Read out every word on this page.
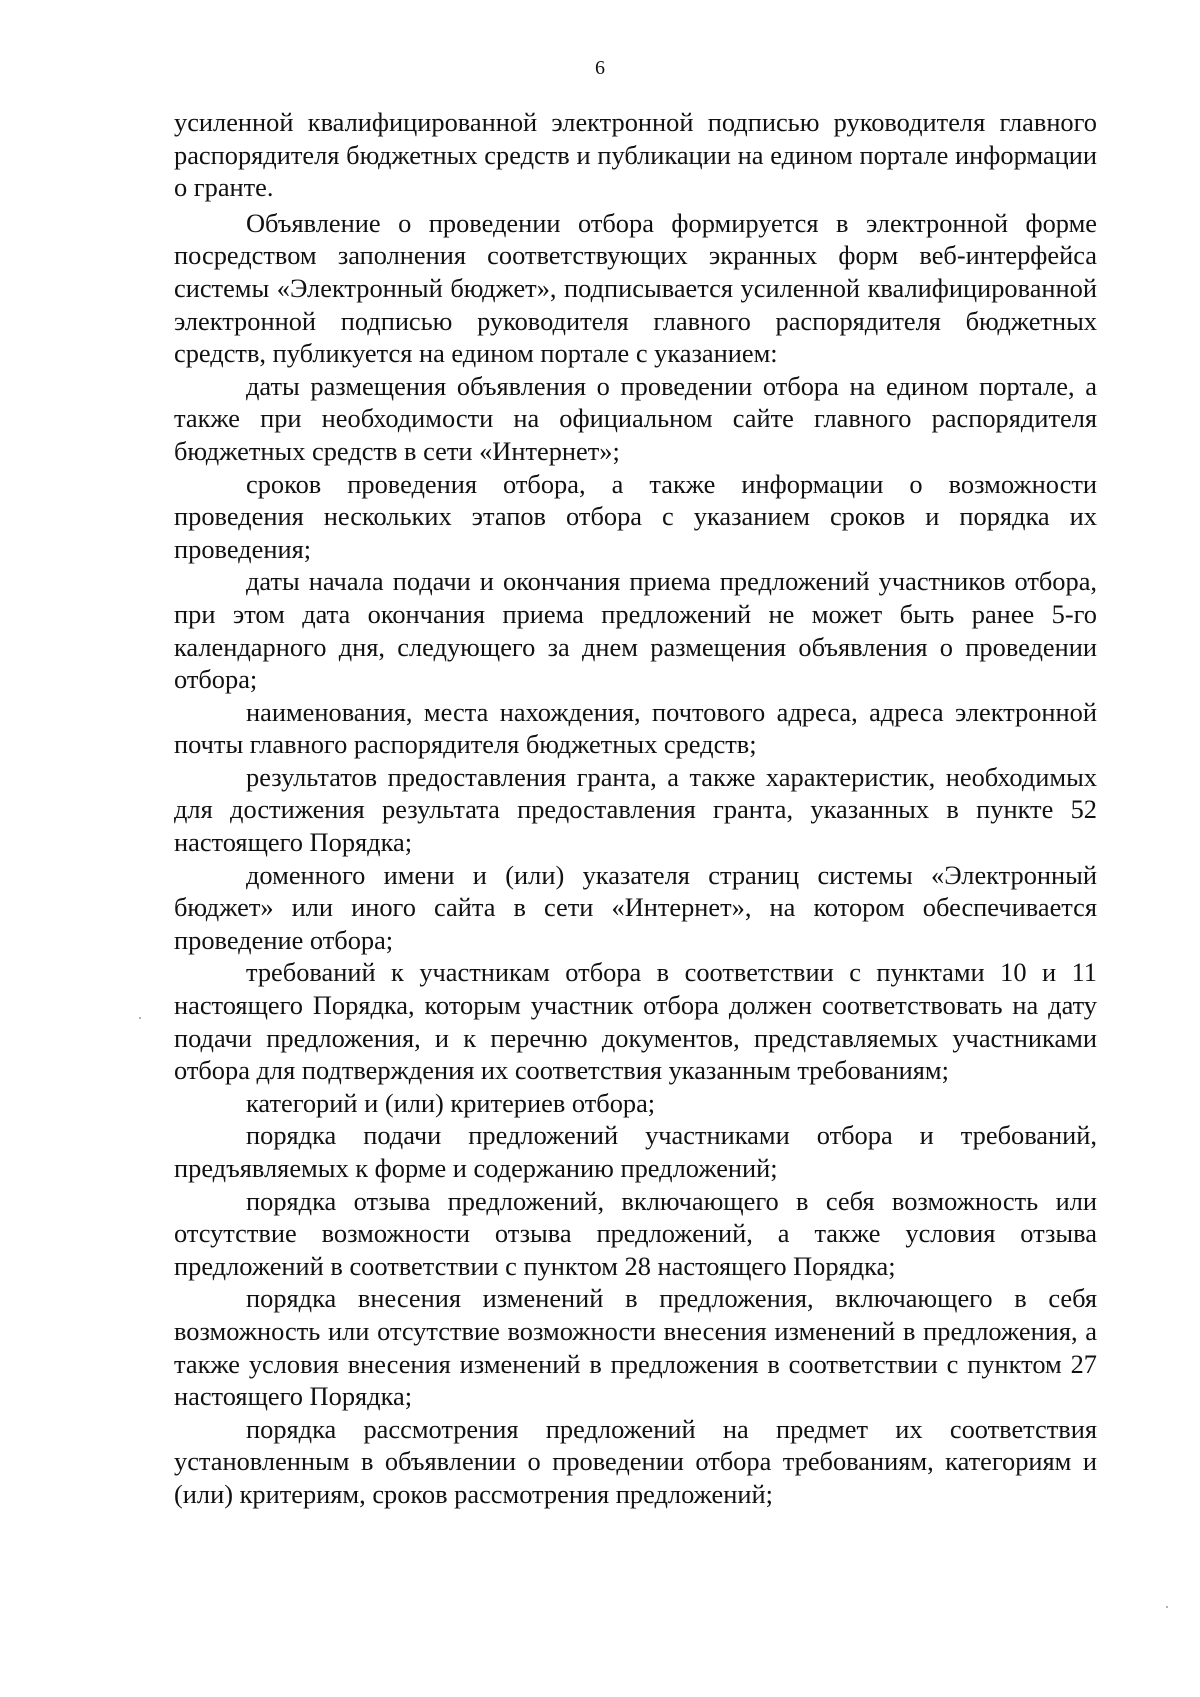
6

усиленной квалифицированной электронной подписью руководителя главного распорядителя бюджетных средств и публикации на едином портале информации о гранте.

Объявление о проведении отбора формируется в электронной форме посредством заполнения соответствующих экранных форм веб-интерфейса системы «Электронный бюджет», подписывается усиленной квалифицированной электронной подписью руководителя главного распорядителя бюджетных средств, публикуется на едином портале с указанием:

даты размещения объявления о проведении отбора на едином портале, а также при необходимости на официальном сайте главного распорядителя бюджетных средств в сети «Интернет»;

сроков проведения отбора, а также информации о возможности проведения нескольких этапов отбора с указанием сроков и порядка их проведения;

даты начала подачи и окончания приема предложений участников отбора, при этом дата окончания приема предложений не может быть ранее 5-го календарного дня, следующего за днем размещения объявления о проведении отбора;

наименования, места нахождения, почтового адреса, адреса электронной почты главного распорядителя бюджетных средств;

результатов предоставления гранта, а также характеристик, необходимых для достижения результата предоставления гранта, указанных в пункте 52 настоящего Порядка;

доменного имени и (или) указателя страниц системы «Электронный бюджет» или иного сайта в сети «Интернет», на котором обеспечивается проведение отбора;

требований к участникам отбора в соответствии с пунктами 10 и 11 настоящего Порядка, которым участник отбора должен соответствовать на дату подачи предложения, и к перечню документов, представляемых участниками отбора для подтверждения их соответствия указанным требованиям;

категорий и (или) критериев отбора;

порядка подачи предложений участниками отбора и требований, предъявляемых к форме и содержанию предложений;

порядка отзыва предложений, включающего в себя возможность или отсутствие возможности отзыва предложений, а также условия отзыва предложений в соответствии с пунктом 28 настоящего Порядка;

порядка внесения изменений в предложения, включающего в себя возможность или отсутствие возможности внесения изменений в предложения, а также условия внесения изменений в предложения в соответствии с пунктом 27 настоящего Порядка;

порядка рассмотрения предложений на предмет их соответствия установленным в объявлении о проведении отбора требованиям, категориям и (или) критериям, сроков рассмотрения предложений;
